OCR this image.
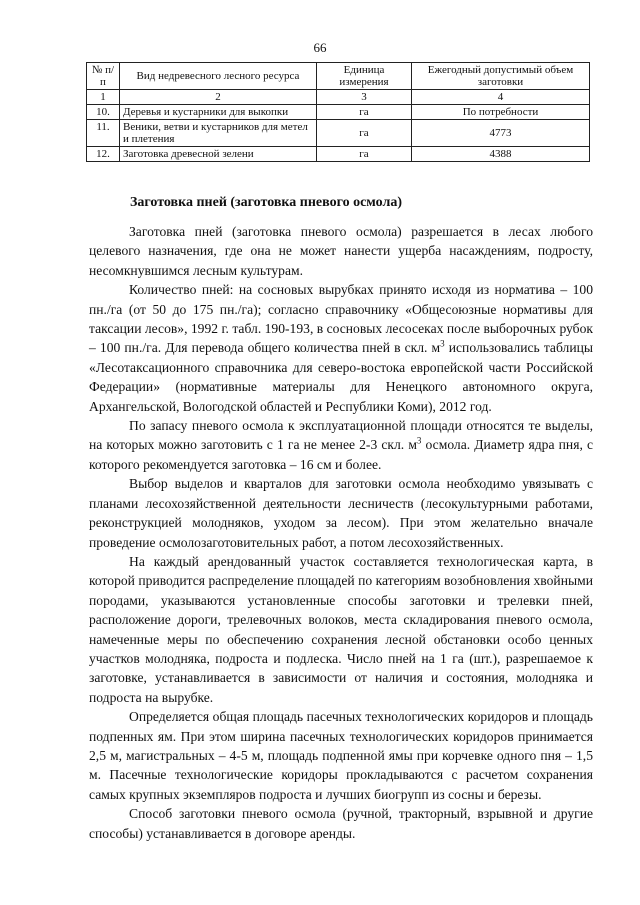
66
№ п/п	Вид недревесного лесного ресурса	Единица измерения	Ежегодный допустимый объем заготовки
1	2	3	4
10.	Деревья и кустарники для выкопки	га	По потребности
11.	Веники, ветви и кустарников для метел и плетения	га	4773
12.	Заготовка древесной зелени	га	4388
Заготовка пней (заготовка пневого осмола)

Заготовка пней (заготовка пневого осмола) разрешается в лесах любого целевого назначения, где она не может нанести ущерба насаждениям, подросту, несомкнувшимся лесным культурам.

Количество пней: на сосновых вырубках принято исходя из норматива – 100 пн./га (от 50 до 175 пн./га); согласно справочнику «Общесоюзные нормативы для таксации лесов», 1992 г. табл. 190-193, в сосновых лесосеках после выборочных рубок – 100 пн./га. Для перевода общего количества пней в скл. $м^3$ использовались таблицы «Лесотаксационного справочника для северо-востока европейской части Российской Федерации» (нормативные материалы для Ненецкого автономного округа, Архангельской, Вологодской областей и Республики Коми), 2012 год.

По запасу пневого осмола к эксплуатационной площади относятся те выделы, на которых можно заготовить с 1 га не менее 2-3 скл. $м^3$ осмола. Диаметр ядра пня, с которого рекомендуется заготовка – 16 см и более.

Выбор выделов и кварталов для заготовки осмола необходимо увязывать с планами лесохозяйственной деятельности лесничеств (лесокультурными работами, реконструкцией молодняков, уходом за лесом). При этом желательно вначале проведение осмолозаготовительных работ, а потом лесохозяйственных.

На каждый арендованный участок составляется технологическая карта, в которой приводится распределение площадей по категориям возобновления хвойными породами, указываются установленные способы заготовки и трелевки пней, расположение дороги, трелевочных волоков, места складирования пневого осмола, намеченные меры по обеспечению сохранения лесной обстановки особо ценных участков молодняка, подроста и подлеска. Число пней на 1 га (шт.), разрешаемое к заготовке, устанавливается в зависимости от наличия и состояния, молодняка и подроста на вырубке.

Определяется общая площадь пасечных технологических коридоров и площадь подпенных ям. При этом ширина пасечных технологических коридоров принимается 2,5 м, магистральных – 4-5 м, площадь подпенной ямы при корчевке одного пня – 1,5 м. Пасечные технологические коридоры прокладываются с расчетом сохранения самых крупных экземпляров подроста и лучших биогрупп из сосны и березы.

Способ заготовки пневого осмола (ручной, тракторный, взрывной и другие способы) устанавливается в договоре аренды.
